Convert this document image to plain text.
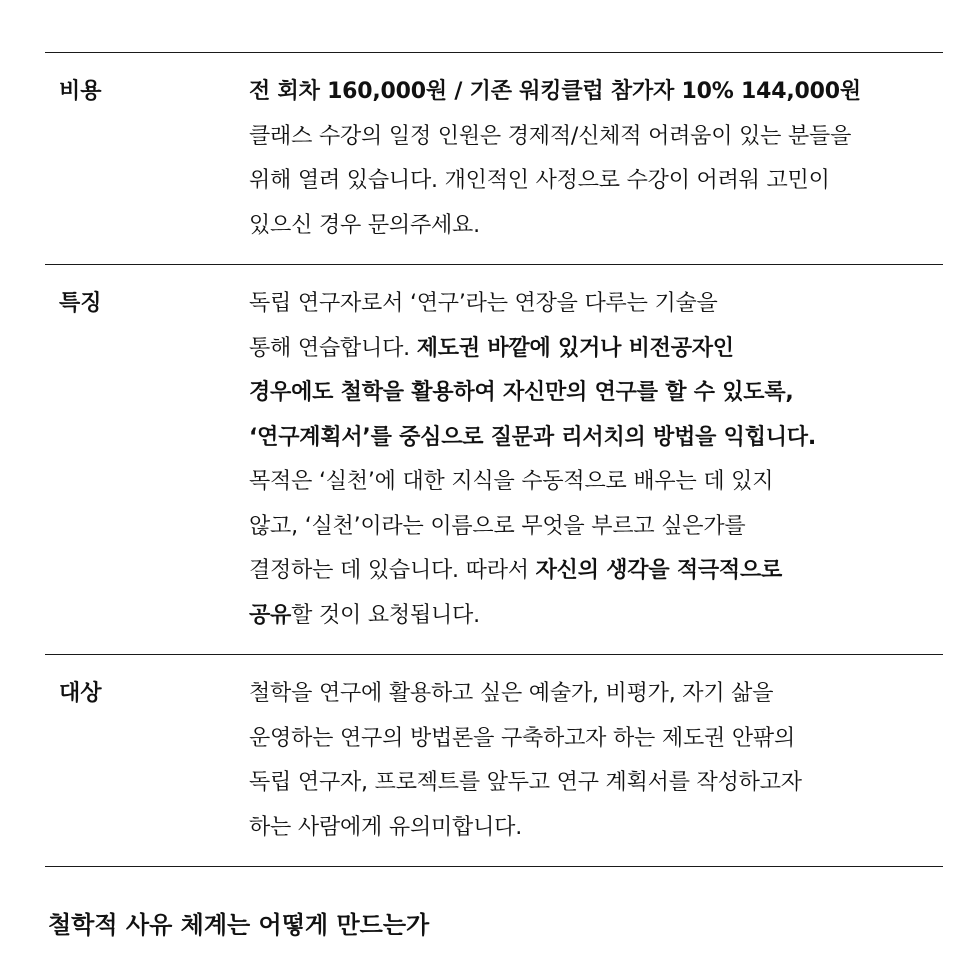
비용	전 회차 160,000원 / 기존 워킹클럽 참가자 10% 144,000원
클래스 수강의 일정 인원은 경제적/신체적 어려움이 있는 분들을
위해 열려 있습니다. 개인적인 사정으로 수강이 어려워 고민이
있으신 경우 문의주세요.
특징	독립 연구자로서 ‘연구’라는 연장을 다루는 기술을
통해 연습합니다. 제도권 바깥에 있거나 비전공자인
경우에도 철학을 활용하여 자신만의 연구를 할 수 있도록,
‘연구계획서’를 중심으로 질문과 리서치의 방법을 익힙니다.
목적은 ‘실천’에 대한 지식을 수동적으로 배우는 데 있지
않고, ‘실천’이라는 이름으로 무엇을 부르고 싶은가를
결정하는 데 있습니다. 따라서 자신의 생각을 적극적으로
공유할 것이 요청됩니다.
대상	철학을 연구에 활용하고 싶은 예술가, 비평가, 자기 삶을
운영하는 연구의 방법론을 구축하고자 하는 제도권 안팎의
독립 연구자, 프로젝트를 앞두고 연구 계획서를 작성하고자
하는 사람에게 유의미합니다.
철학적 사유 체계는 어떻게 만드는가
